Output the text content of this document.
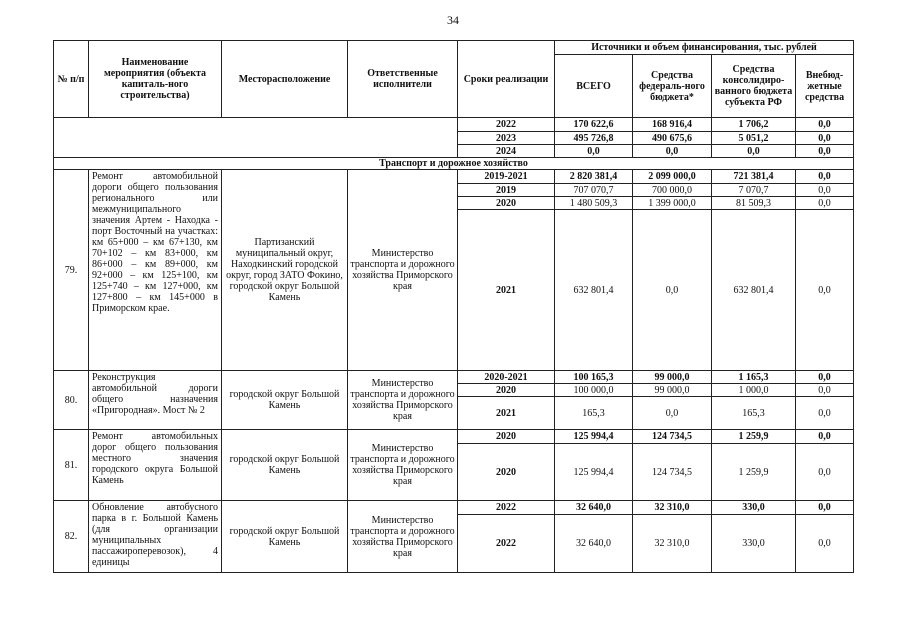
34
№ п/п	Наименование мероприятия (объекта капиталь-ного строительства)	Месторасположение	Ответственные исполнители	Сроки реализации	Источники и объем финансирования, тыс. рублей			
					ВСЕГО	Средства федераль-ного бюджета*	Средства консолидиро-ванного бюджета субъекта РФ	Внебюд-жетные средства
				2022	170 622,6	168 916,4	1 706,2	0,0
				2023	495 726,8	490 675,6	5 051,2	0,0
				2024	0,0	0,0	0,0	0,0
Транспорт и дорожное хозяйство								
79.	Ремонт автомобильной дороги общего пользования регионального или межмуниципального значения Артем - Находка - порт Восточный на участках: км 65+000 – км 67+130, км 70+102 – км 83+000, км 86+000 – км 89+000, км 92+000 – км 125+100, км 125+740 – км 127+000, км 127+800 – км 145+000 в Приморском крае.	Партизанский муниципальный округ, Находкинский городской округ, город ЗАТО Фокино, городской округ Большой Камень	Министерство транспорта и дорожного хозяйства Приморского края	2019-2021	2 820 381,4	2 099 000,0	721 381,4	0,0
				2019	707 070,7	700 000,0	7 070,7	0,0
				2020	1 480 509,3	1 399 000,0	81 509,3	0,0
				2021	632 801,4	0,0	632 801,4	0,0
80.	Реконструкция автомобильной дороги общего назначения «Пригородная». Мост № 2	городской округ Большой Камень	Министерство транспорта и дорожного хозяйства Приморского края	2020-2021	100 165,3	99 000,0	1 165,3	0,0
				2020	100 000,0	99 000,0	1 000,0	0,0
				2021	165,3	0,0	165,3	0,0
81.	Ремонт автомобильных дорог общего пользования местного значения городского округа Большой Камень	городской округ Большой Камень	Министерство транспорта и дорожного хозяйства Приморского края	2020	125 994,4	124 734,5	1 259,9	0,0
				2020	125 994,4	124 734,5	1 259,9	0,0
82.	Обновление автобусного парка в г. Большой Камень (для организации муниципальных пассажироперевозок), 4 единицы	городской округ Большой Камень	Министерство транспорта и дорожного хозяйства Приморского края	2022	32 640,0	32 310,0	330,0	0,0
				2022	32 640,0	32 310,0	330,0	0,0
